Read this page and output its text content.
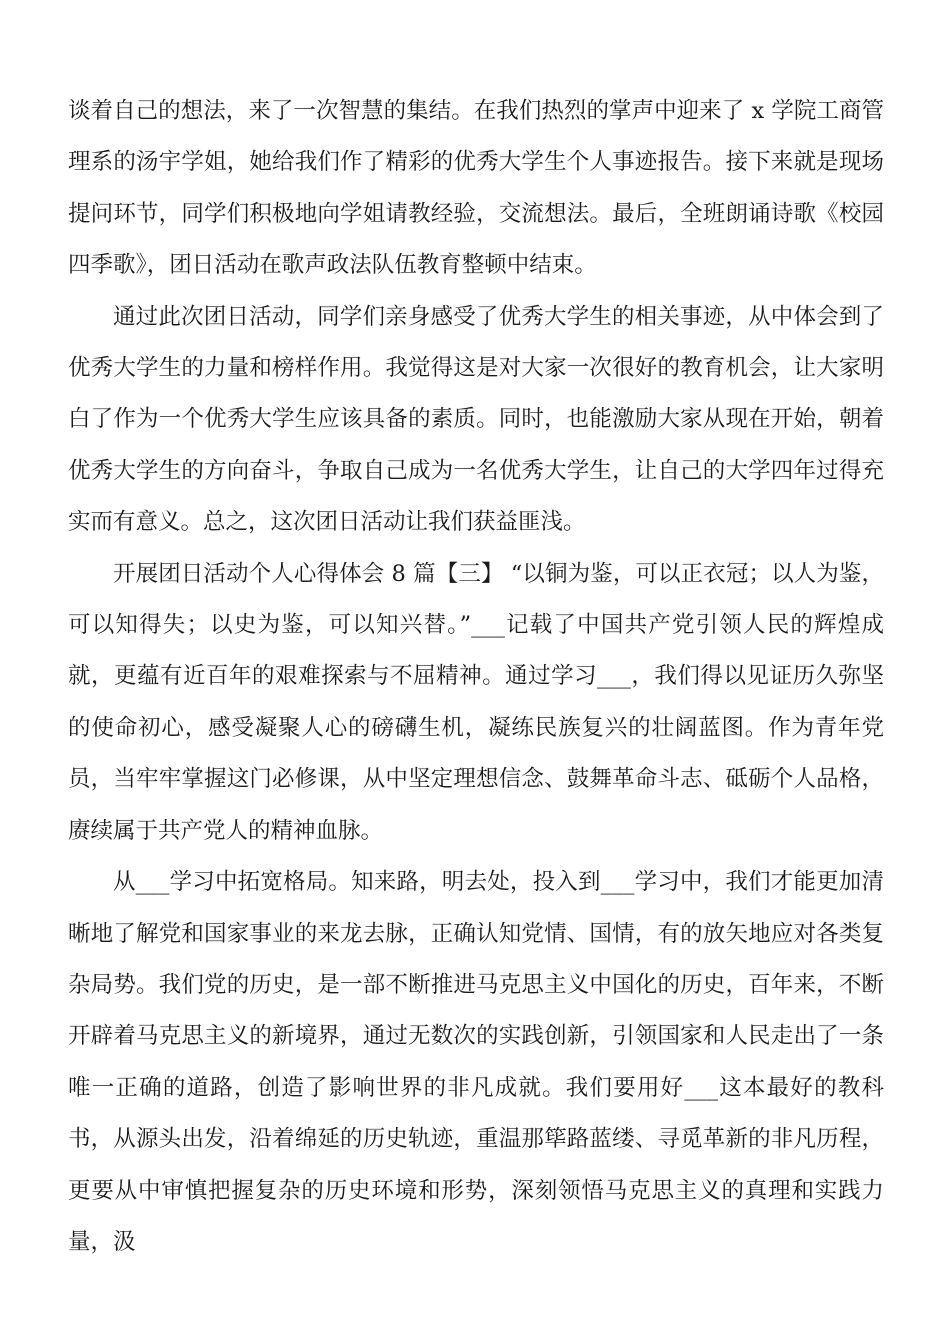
谈着自己的想法，来了一次智慧的集结。在我们热烈的掌声中迎来了 x 学院工商管理系的汤宇学姐，她给我们作了精彩的优秀大学生个人事迹报告。接下来就是现场提问环节，同学们积极地向学姐请教经验，交流想法。最后，全班朗诵诗歌《校园四季歌》，团日活动在歌声政法队伍教育整顿中结束。

通过此次团日活动，同学们亲身感受了优秀大学生的相关事迹，从中体会到了优秀大学生的力量和榜样作用。我觉得这是对大家一次很好的教育机会，让大家明白了作为一个优秀大学生应该具备的素质。同时，也能激励大家从现在开始，朝着优秀大学生的方向奋斗，争取自己成为一名优秀大学生，让自己的大学四年过得充实而有意义。总之，这次团日活动让我们获益匪浅。

开展团日活动个人心得体会 8 篇【三】 “以铜为鉴，可以正衣冠；以人为鉴，可以知得失；以史为鉴，可以知兴替。”___记载了中国共产党引领人民的辉煌成就，更蕴有近百年的艰难探索与不屈精神。通过学习___，我们得以见证历久弥坚的使命初心，感受凝聚人心的磅礴生机，凝练民族复兴的壮阔蓝图。作为青年党员，当牢牢掌握这门必修课，从中坚定理想信念、鼓舞革命斗志、砥砺个人品格，赓续属于共产党人的精神血脉。

从___学习中拓宽格局。知来路，明去处，投入到___学习中，我们才能更加清晰地了解党和国家事业的来龙去脉，正确认知党情、国情，有的放矢地应对各类复杂局势。我们党的历史，是一部不断推进马克思主义中国化的历史，百年来，不断开辟着马克思主义的新境界，通过无数次的实践创新，引领国家和人民走出了一条唯一正确的道路，创造了影响世界的非凡成就。我们要用好___这本最好的教科书，从源头出发，沿着绵延的历史轨迹，重温那筚路蓝缕、寻觅革新的非凡历程，更要从中审慎把握复杂的历史环境和形势，深刻领悟马克思主义的真理和实践力量，汲
